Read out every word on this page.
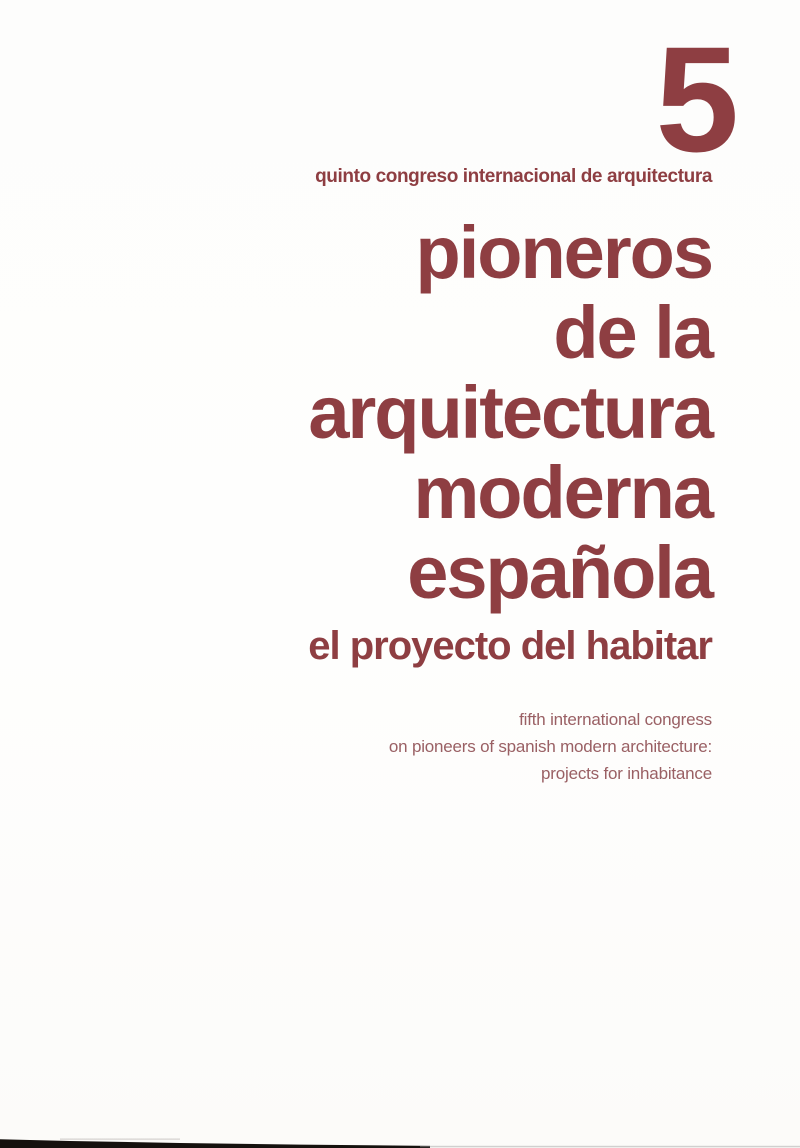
5
quinto congreso internacional de arquitectura
pioneros
de la
arquitectura
moderna
española
el proyecto del habitar
fifth international congress
on pioneers of spanish modern architecture:
projects for inhabitance
